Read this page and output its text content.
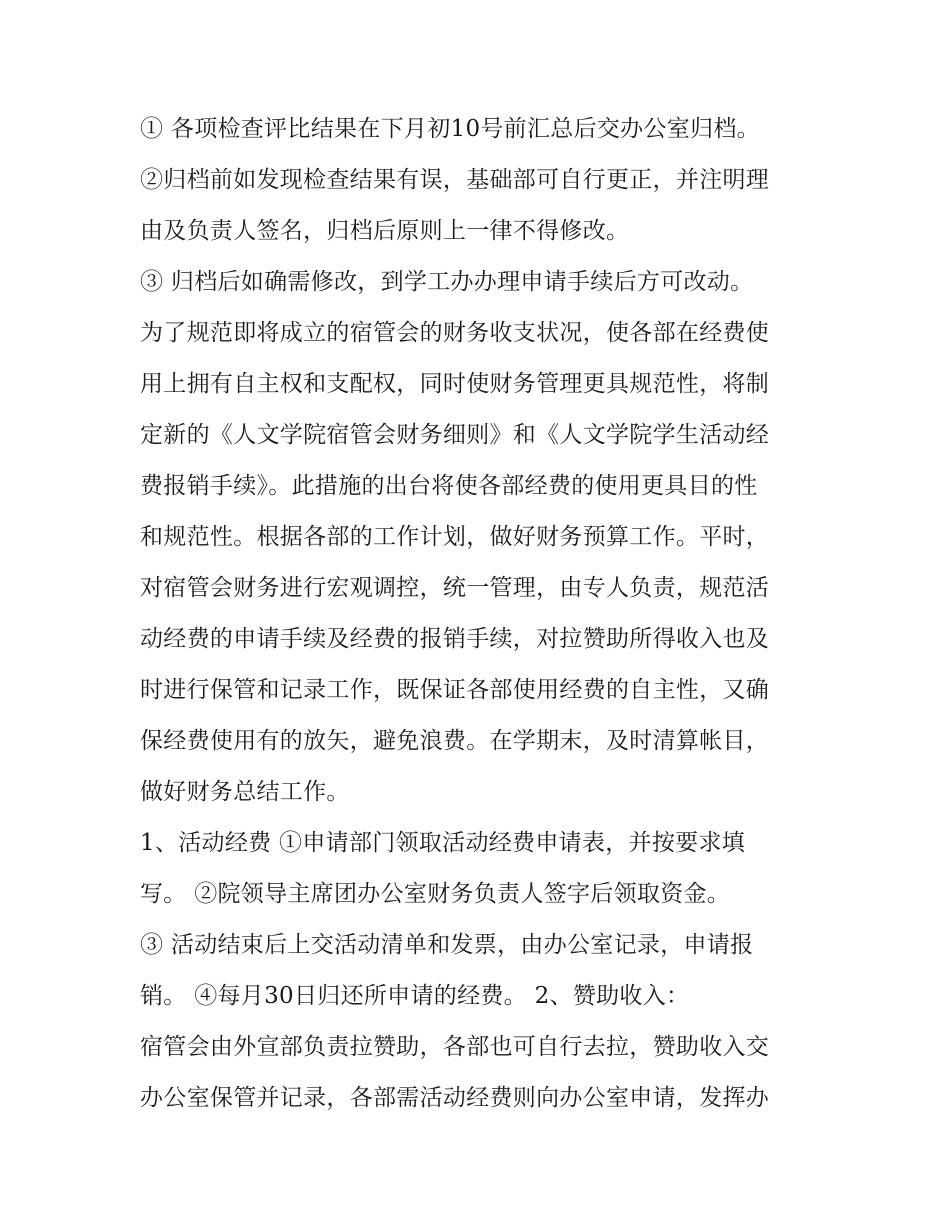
① 各项检查评比结果在下月初10号前汇总后交办公室归档。
②归档前如发现检查结果有误，基础部可自行更正，并注明理
由及负责人签名，归档后原则上一律不得修改。
③ 归档后如确需修改，到学工办办理申请手续后方可改动。
为了规范即将成立的宿管会的财务收支状况，使各部在经费使
用上拥有自主权和支配权，同时使财务管理更具规范性，将制
定新的《人文学院宿管会财务细则》和《人文学院学生活动经
费报销手续》。此措施的出台将使各部经费的使用更具目的性
和规范性。根据各部的工作计划，做好财务预算工作。平时，
对宿管会财务进行宏观调控，统一管理，由专人负责，规范活
动经费的申请手续及经费的报销手续，对拉赞助所得收入也及
时进行保管和记录工作，既保证各部使用经费的自主性，又确
保经费使用有的放矢，避免浪费。在学期末，及时清算帐目，
做好财务总结工作。
1、活动经费 ①申请部门领取活动经费申请表，并按要求填
写。 ②院领导主席团办公室财务负责人签字后领取资金。
③ 活动结束后上交活动清单和发票，由办公室记录，申请报
销。 ④每月30日归还所申请的经费。 2、赞助收入：
宿管会由外宣部负责拉赞助，各部也可自行去拉，赞助收入交
办公室保管并记录，各部需活动经费则向办公室申请，发挥办
